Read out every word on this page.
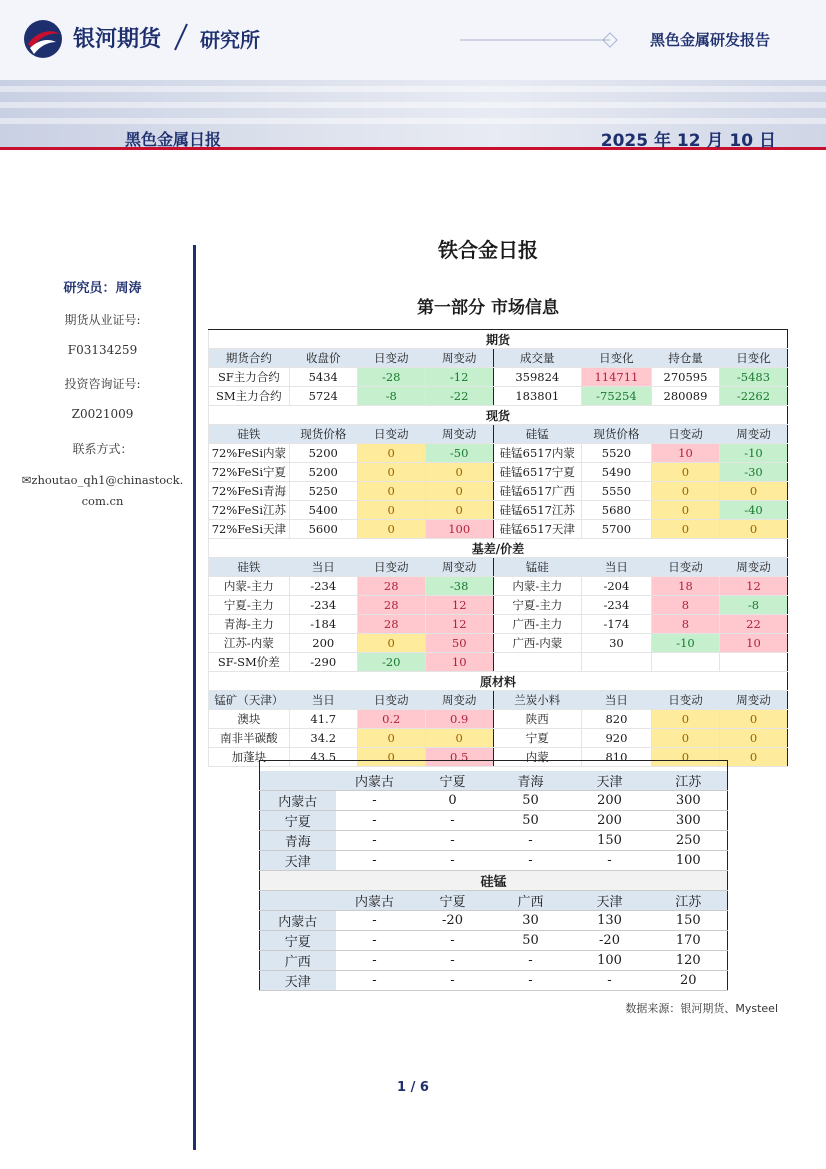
银河期货 研究所	黑色金属研发报告
黑色金属日报	2025 年 12 月 10 日
研究员：周涛
期货从业证号:
F03134259
投资咨询证号:
Z0021009
联系方式：
✉zhoutao_qh1@chinastock.
com.cn
铁合金日报
第一部分 市场信息
期货							
期货合约	收盘价	日变动	周变动	成交量	日变化	持仓量	日变化
SF主力合约	5434	-28	-12	359824	114711	270595	-5483
SM主力合约	5724	-8	-22	183801	-75254	280089	-2262
现货							
硅铁	现货价格	日变动	周变动	硅锰	现货价格	日变动	周变动
72%FeSi内蒙	5200	0	-50	硅锰6517内蒙	5520	10	-10
72%FeSi宁夏	5200	0	0	硅锰6517宁夏	5490	0	-30
72%FeSi青海	5250	0	0	硅锰6517广西	5550	0	0
72%FeSi江苏	5400	0	0	硅锰6517江苏	5680	0	-40
72%FeSi天津	5600	0	100	硅锰6517天津	5700	0	0
基差/价差							
硅铁	当日	日变动	周变动	锰硅	当日	日变动	周变动
内蒙-主力	-234	28	-38	内蒙-主力	-204	18	12
宁夏-主力	-234	28	12	宁夏-主力	-234	8	-8
青海-主力	-184	28	12	广西-主力	-174	8	22
江苏-内蒙	200	0	50	广西-内蒙	30	-10	10
SF-SM价差	-290	-20	10				
原材料							
锰矿（天津）	当日	日变动	周变动	兰炭小料	当日	日变动	周变动
澳块	41.7	0.2	0.9	陕西	820	0	0
南非半碳酸	34.2	0	0	宁夏	920	0	0
加蓬块	43.5	0	0.5	内蒙	810	0	0

	内蒙古	宁夏	青海	天津	江苏
内蒙古	-	0	50	200	300
宁夏	-	-	50	200	300
青海	-	-	-	150	250
天津	-	-	-	-	100
硅锰					
	内蒙古	宁夏	广西	天津	江苏
内蒙古	-	-20	30	130	150
宁夏	-	-	50	-20	170
广西	-	-	-	100	120
天津	-	-	-	-	20
数据来源：银河期货、Mysteel
1 / 6
